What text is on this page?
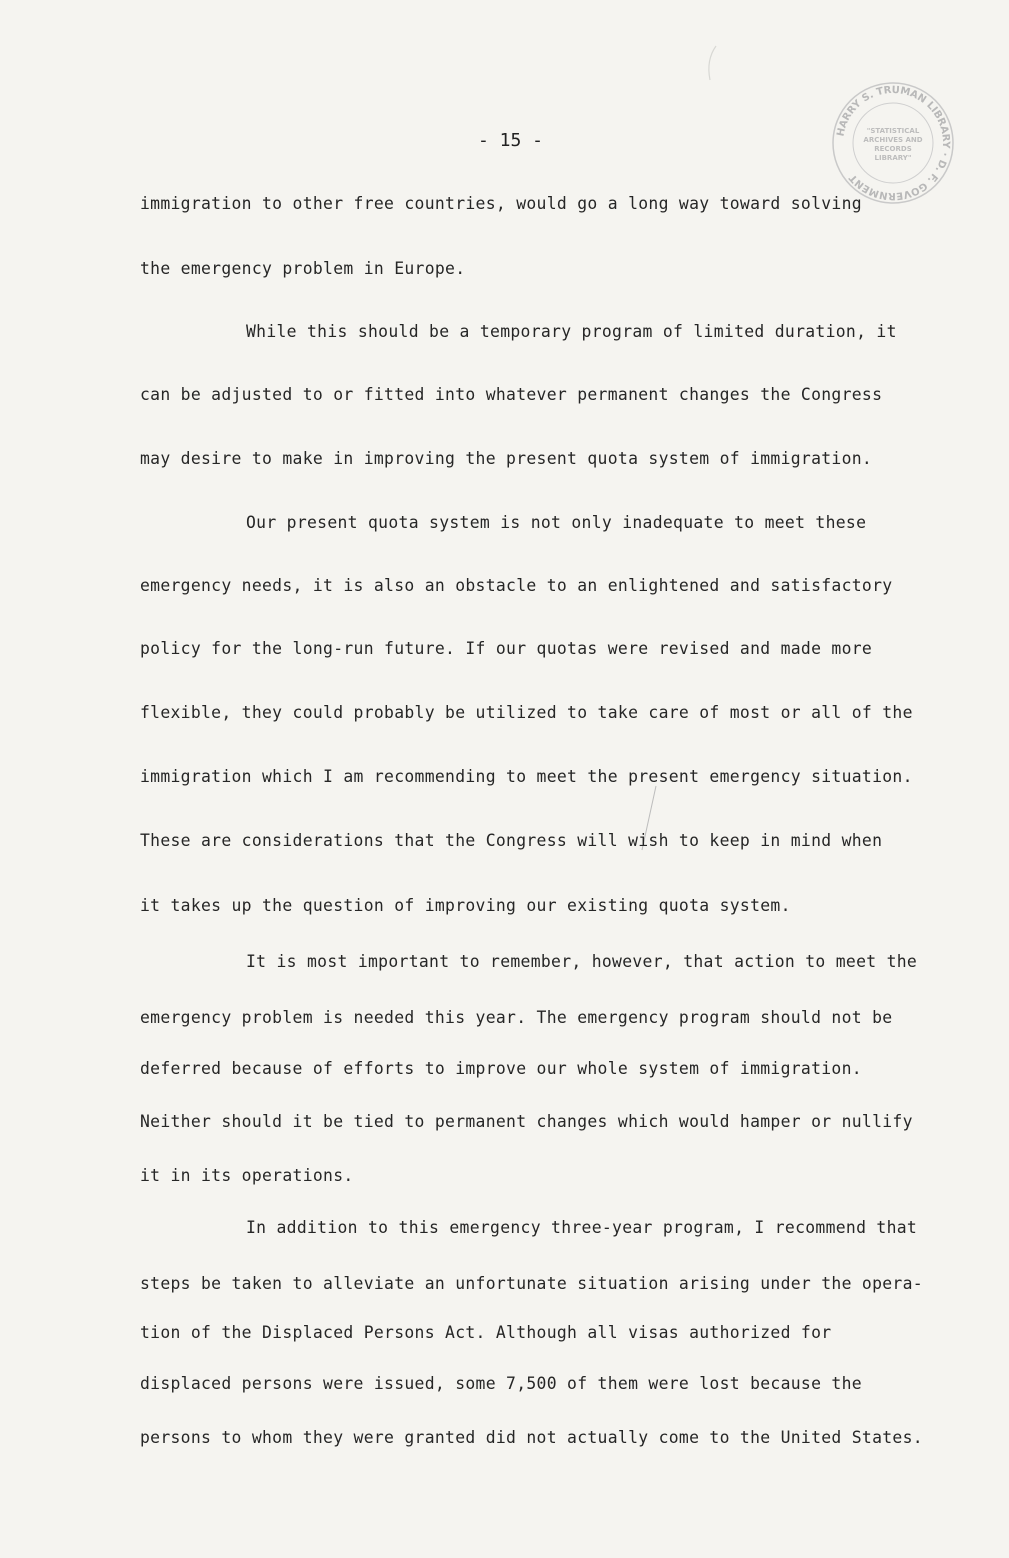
- 15 -	HARRY S. TRUMAN LIBRARY · D. F. GOVERNMENT
"STATISTICAL
ARCHIVES AND
RECORDS
LIBRARY"
immigration to other free countries, would go a long way toward solving
the emergency problem in Europe.
While this should be a temporary program of limited duration, it
can be adjusted to or fitted into whatever permanent changes the Congress
may desire to make in improving the present quota system of immigration.
Our present quota system is not only inadequate to meet these
emergency needs, it is also an obstacle to an enlightened and satisfactory
policy for the long-run future. If our quotas were revised and made more
flexible, they could probably be utilized to take care of most or all of the
immigration which I am recommending to meet the present emergency situation.
These are considerations that the Congress will wish to keep in mind when
it takes up the question of improving our existing quota system.
It is most important to remember, however, that action to meet the
emergency problem is needed this year. The emergency program should not be
deferred because of efforts to improve our whole system of immigration.
Neither should it be tied to permanent changes which would hamper or nullify
it in its operations.
In addition to this emergency three-year program, I recommend that
steps be taken to alleviate an unfortunate situation arising under the opera-
tion of the Displaced Persons Act. Although all visas authorized for
displaced persons were issued, some 7,500 of them were lost because the
persons to whom they were granted did not actually come to the United States.
